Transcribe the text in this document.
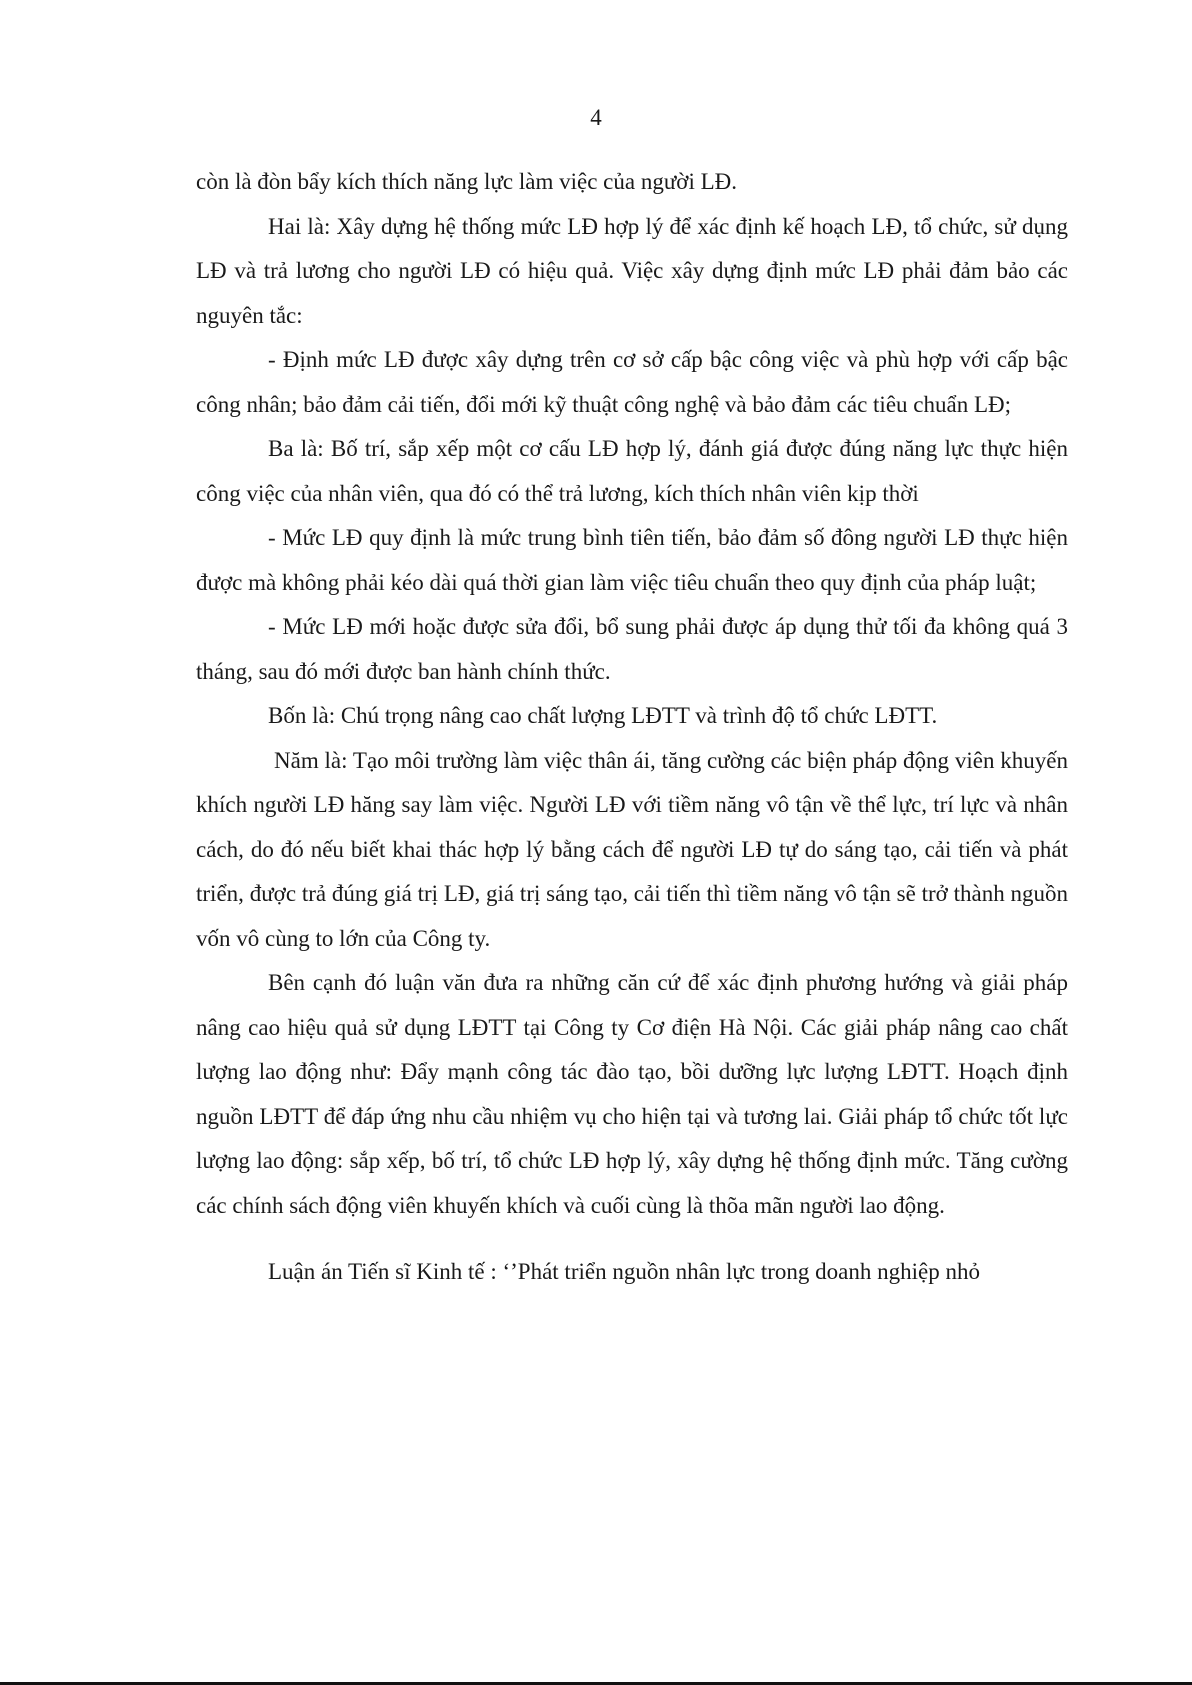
4

còn là đòn bẩy kích thích năng lực làm việc của người LĐ.

Hai là: Xây dựng hệ thống mức LĐ hợp lý để xác định kế hoạch LĐ, tổ chức, sử dụng LĐ và trả lương cho người LĐ có hiệu quả. Việc xây dựng định mức LĐ phải đảm bảo các nguyên tắc:

- Định mức LĐ được xây dựng trên cơ sở cấp bậc công việc và phù hợp với cấp bậc công nhân; bảo đảm cải tiến, đổi mới kỹ thuật công nghệ và bảo đảm các tiêu chuẩn LĐ;

Ba là: Bố trí, sắp xếp một cơ cấu LĐ hợp lý, đánh giá được đúng năng lực thực hiện công việc của nhân viên, qua đó có thể trả lương, kích thích nhân viên kịp thời

- Mức LĐ quy định là mức trung bình tiên tiến, bảo đảm số đông người LĐ thực hiện được mà không phải kéo dài quá thời gian làm việc tiêu chuẩn theo quy định của pháp luật;

- Mức LĐ mới hoặc được sửa đổi, bổ sung phải được áp dụng thử tối đa không quá 3 tháng, sau đó mới được ban hành chính thức.

Bốn là: Chú trọng nâng cao chất lượng LĐTT và trình độ tổ chức LĐTT.

Năm là: Tạo môi trường làm việc thân ái, tăng cường các biện pháp động viên khuyến khích người LĐ hăng say làm việc. Người LĐ với tiềm năng vô tận về thể lực, trí lực và nhân cách, do đó nếu biết khai thác hợp lý bằng cách để người LĐ tự do sáng tạo, cải tiến và phát triển, được trả đúng giá trị LĐ, giá trị sáng tạo, cải tiến thì tiềm năng vô tận sẽ trở thành nguồn vốn vô cùng to lớn của Công ty.

Bên cạnh đó luận văn đưa ra những căn cứ để xác định phương hướng và giải pháp nâng cao hiệu quả sử dụng LĐTT tại Công ty Cơ điện Hà Nội. Các giải pháp nâng cao chất lượng lao động như: Đẩy mạnh công tác đào tạo, bồi dưỡng lực lượng LĐTT. Hoạch định nguồn LĐTT để đáp ứng nhu cầu nhiệm vụ cho hiện tại và tương lai. Giải pháp tổ chức tốt lực lượng lao động: sắp xếp, bố trí, tổ chức LĐ hợp lý, xây dựng hệ thống định mức. Tăng cường các chính sách động viên khuyến khích và cuối cùng là thõa mãn người lao động.

Luận án Tiến sĩ Kinh tế : ‘’Phát triển nguồn nhân lực trong doanh nghiệp nhỏ
